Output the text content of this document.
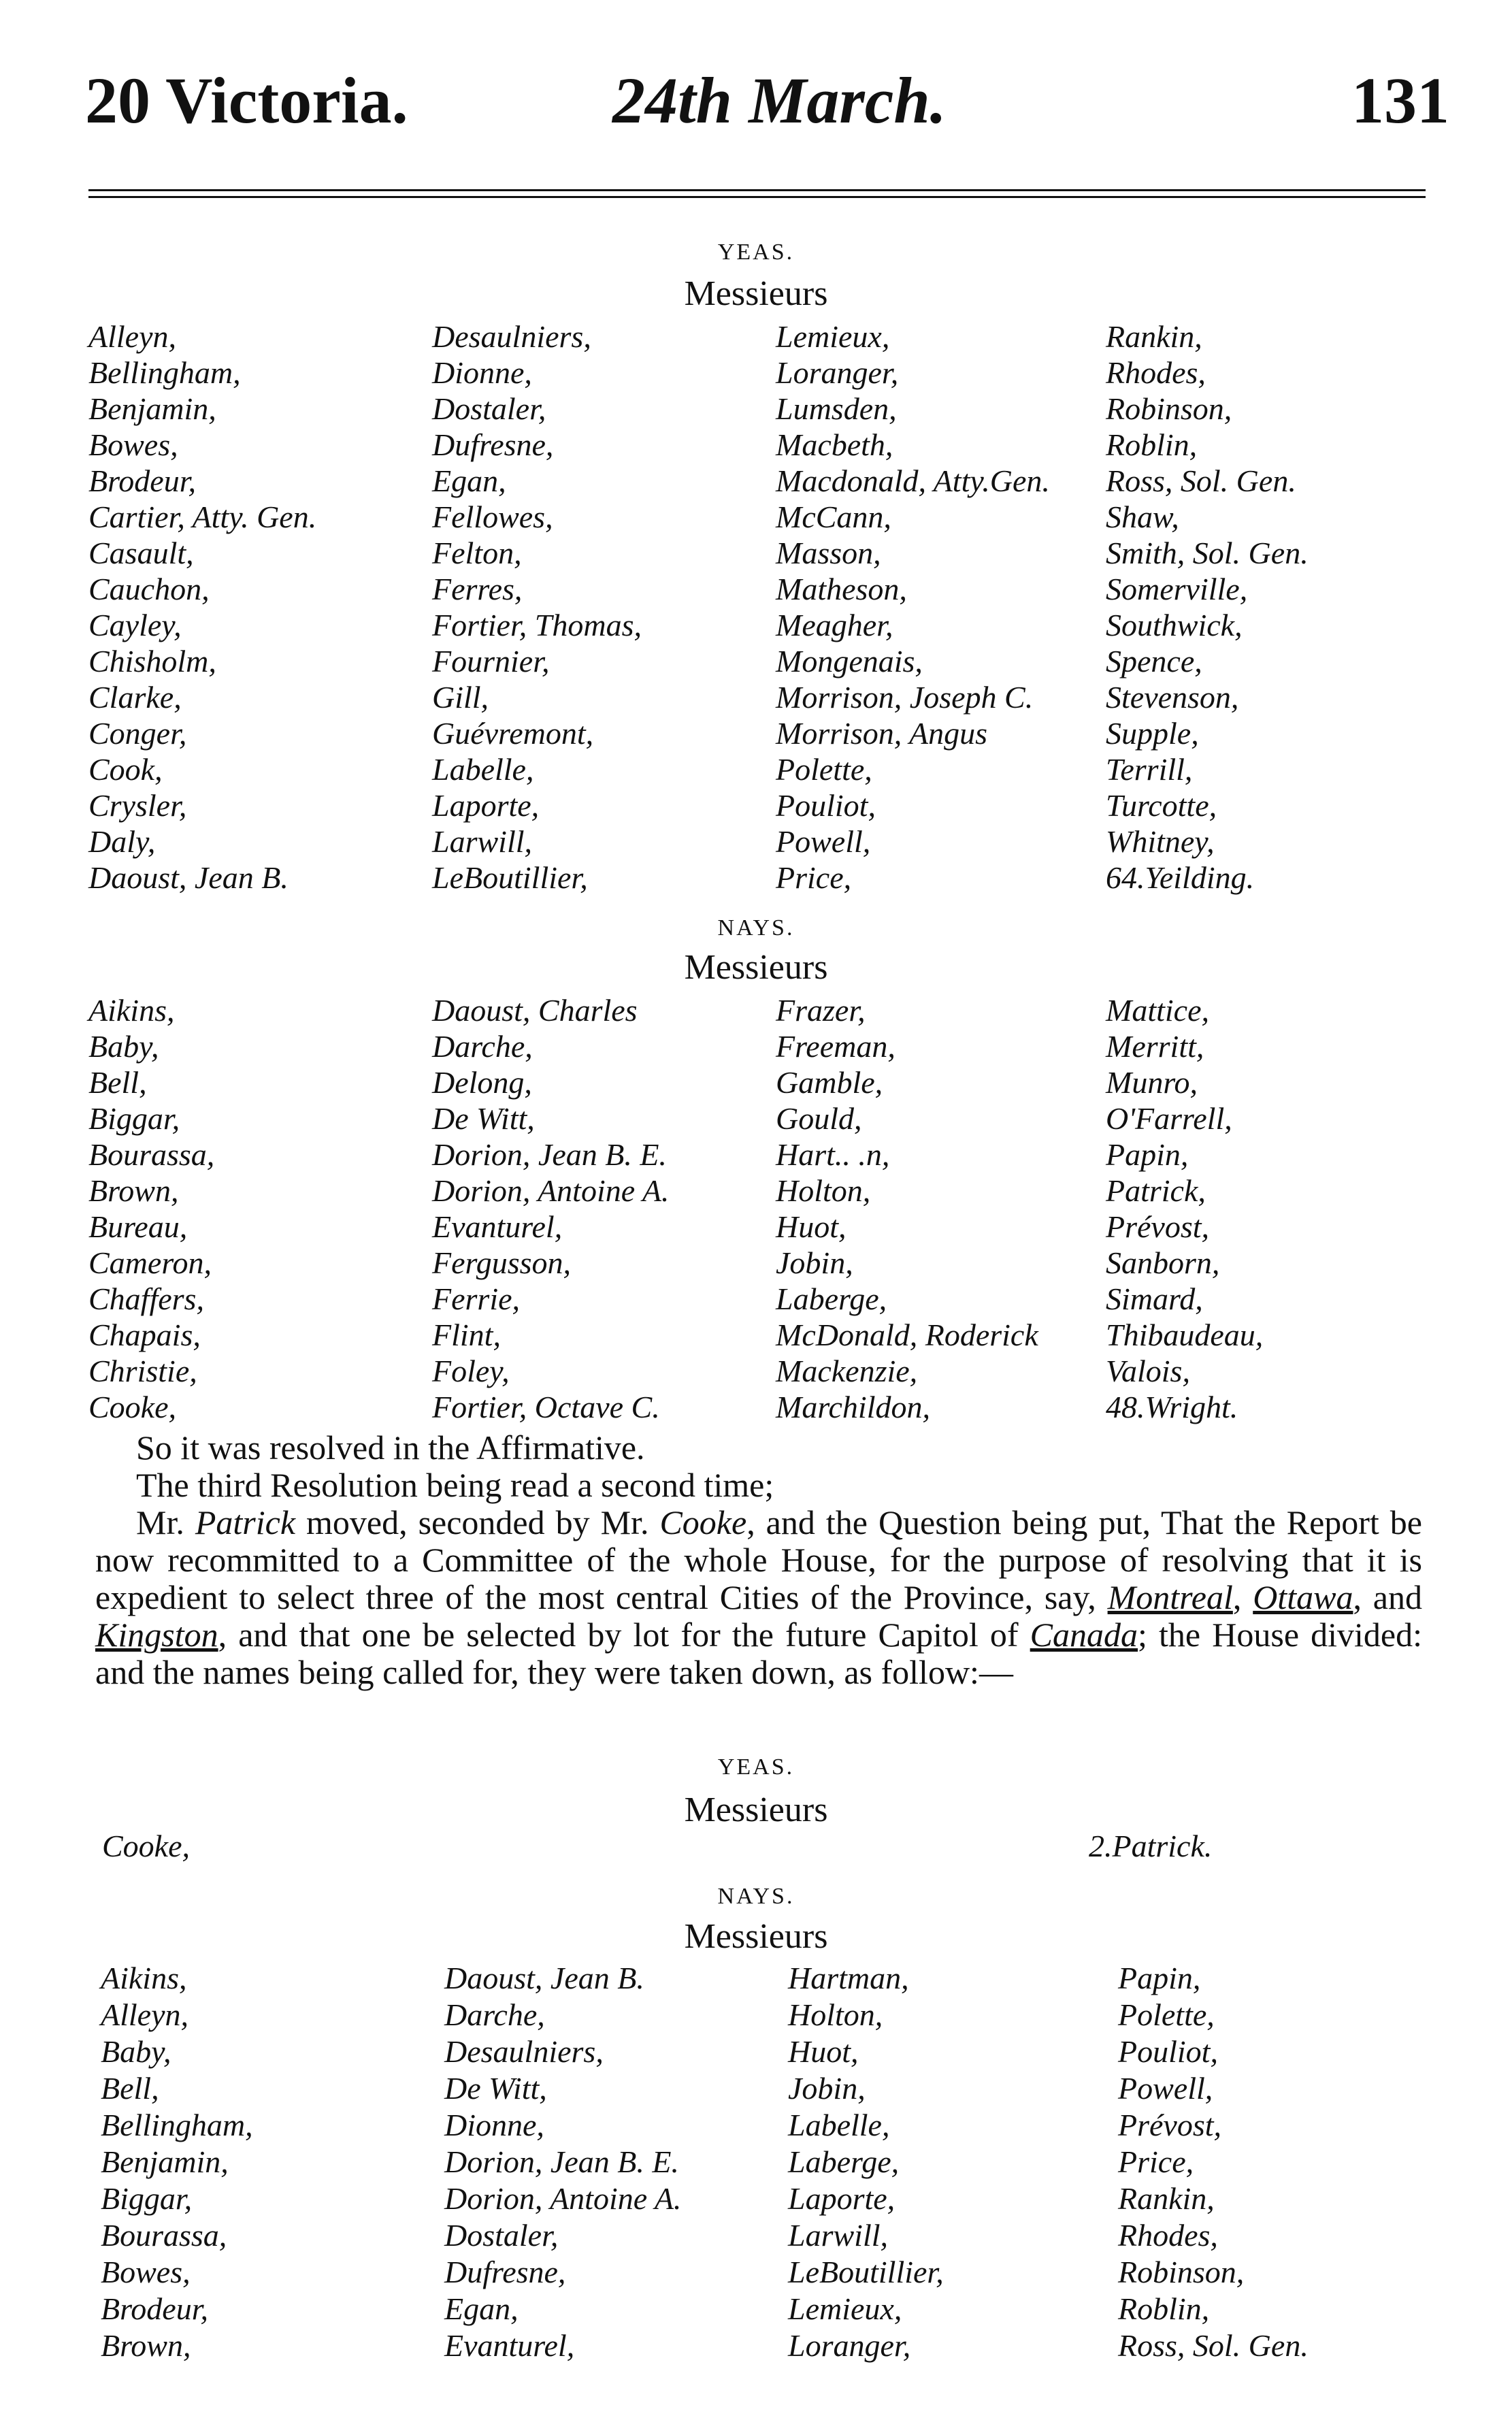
20 Victoria.	24th March.	131
YEAS.
Messieurs
Alleyn,	Desaulniers,	Lemieux,	Rankin,
Bellingham,	Dionne,	Loranger,	Rhodes,
Benjamin,	Dostaler,	Lumsden,	Robinson,
Bowes,	Dufresne,	Macbeth,	Roblin,
Brodeur,	Egan,	Macdonald, Atty.Gen.	Ross, Sol. Gen.
Cartier, Atty. Gen.	Fellowes,	McCann,	Shaw,
Casault,	Felton,	Masson,	Smith, Sol. Gen.
Cauchon,	Ferres,	Matheson,	Somerville,
Cayley,	Fortier, Thomas,	Meagher,	Southwick,
Chisholm,	Fournier,	Mongenais,	Spence,
Clarke,	Gill,	Morrison, Joseph C.	Stevenson,
Conger,	Guévremont,	Morrison, Angus	Supple,
Cook,	Labelle,	Polette,	Terrill,
Crysler,	Laporte,	Pouliot,	Turcotte,
Daly,	Larwill,	Powell,	Whitney,
Daoust, Jean B.	LeBoutillier,	Price,	64.Yeilding.
NAYS.
Messieurs
Aikins,	Daoust, Charles	Frazer,	Mattice,
Baby,	Darche,	Freeman,	Merritt,
Bell,	Delong,	Gamble,	Munro,
Biggar,	De Witt,	Gould,	O'Farrell,
Bourassa,	Dorion, Jean B. E.	Hart.. .n,	Papin,
Brown,	Dorion, Antoine A.	Holton,	Patrick,
Bureau,	Evanturel,	Huot,	Prévost,
Cameron,	Fergusson,	Jobin,	Sanborn,
Chaffers,	Ferrie,	Laberge,	Simard,
Chapais,	Flint,	McDonald, Roderick	Thibaudeau,
Christie,	Foley,	Mackenzie,	Valois,
Cooke,	Fortier, Octave C.	Marchildon,	48.Wright.

So it was resolved in the Affirmative.

The third Resolution being read a second time;

Mr. Patrick moved, seconded by Mr. Cooke, and the Question being put, That the Report be now recommitted to a Committee of the whole House, for the purpose of resolving that it is expedient to select three of the most central Cities of the Province, say, Montreal, Ottawa, and Kingston, and that one be selected by lot for the future Capitol of Canada; the House divided: and the names being called for, they were taken down, as follow:—

YEAS.
Messieurs
Cooke,	2.Patrick.
NAYS.
Messieurs
Aikins,	Daoust, Jean B.	Hartman,	Papin,
Alleyn,	Darche,	Holton,	Polette,
Baby,	Desaulniers,	Huot,	Pouliot,
Bell,	De Witt,	Jobin,	Powell,
Bellingham,	Dionne,	Labelle,	Prévost,
Benjamin,	Dorion, Jean B. E.	Laberge,	Price,
Biggar,	Dorion, Antoine A.	Laporte,	Rankin,
Bourassa,	Dostaler,	Larwill,	Rhodes,
Bowes,	Dufresne,	LeBoutillier,	Robinson,
Brodeur,	Egan,	Lemieux,	Roblin,
Brown,	Evanturel,	Loranger,	Ross, Sol. Gen.
